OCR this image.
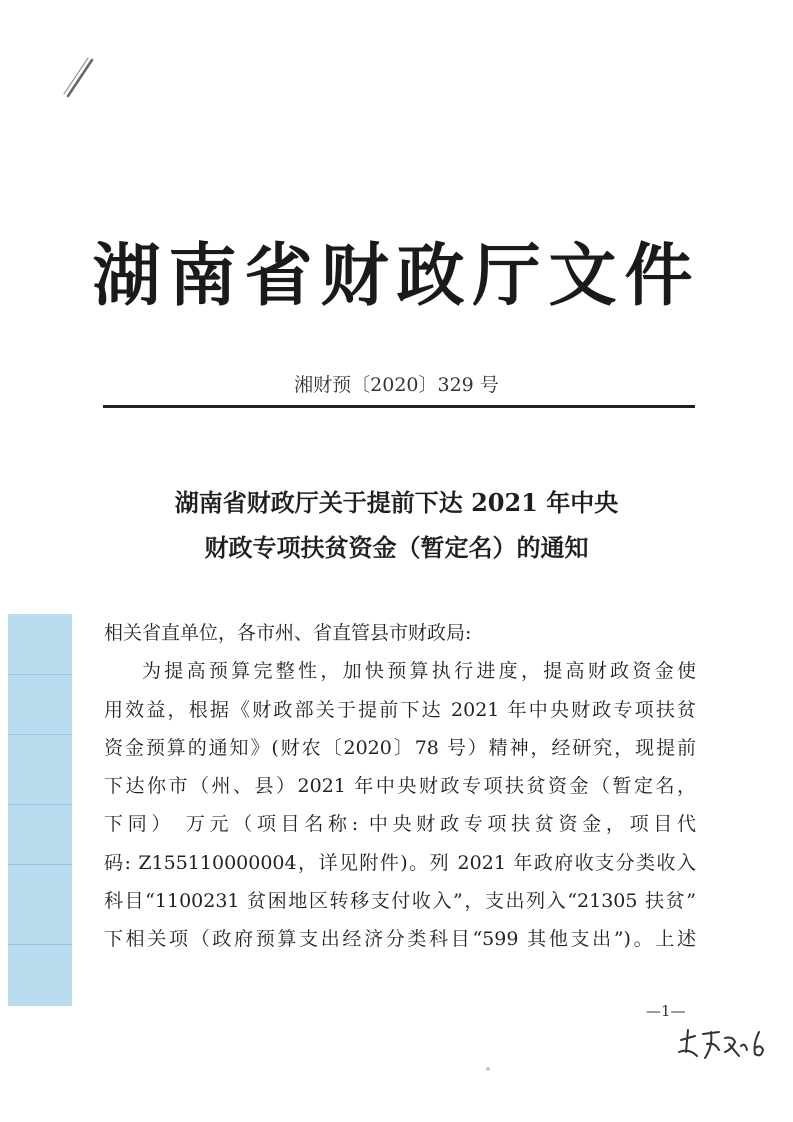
湖南省财政厅文件
湘财预〔2020〕329 号
湖南省财政厅关于提前下达 2021 年中央
财政专项扶贫资金（暂定名）的通知
相关省直单位，各市州、省直管县市财政局:
为提高预算完整性，加快预算执行进度，提高财政资金使
用效益，根据《财政部关于提前下达 2021 年中央财政专项扶贫
资金预算的通知》(财农〔2020〕78 号）精神，经研究，现提前
下达你市（州、县）2021 年中央财政专项扶贫资金（暂定名，
下同） 万元（项目名称: 中央财政专项扶贫资金，项目代
码: Z155110000004，详见附件)。列 2021 年政府收支分类收入
科目“1100231 贫困地区转移支付收入”，支出列入“21305 扶贫”
下相关项（政府预算支出经济分类科目“599 其他支出”)。上述
—1—
